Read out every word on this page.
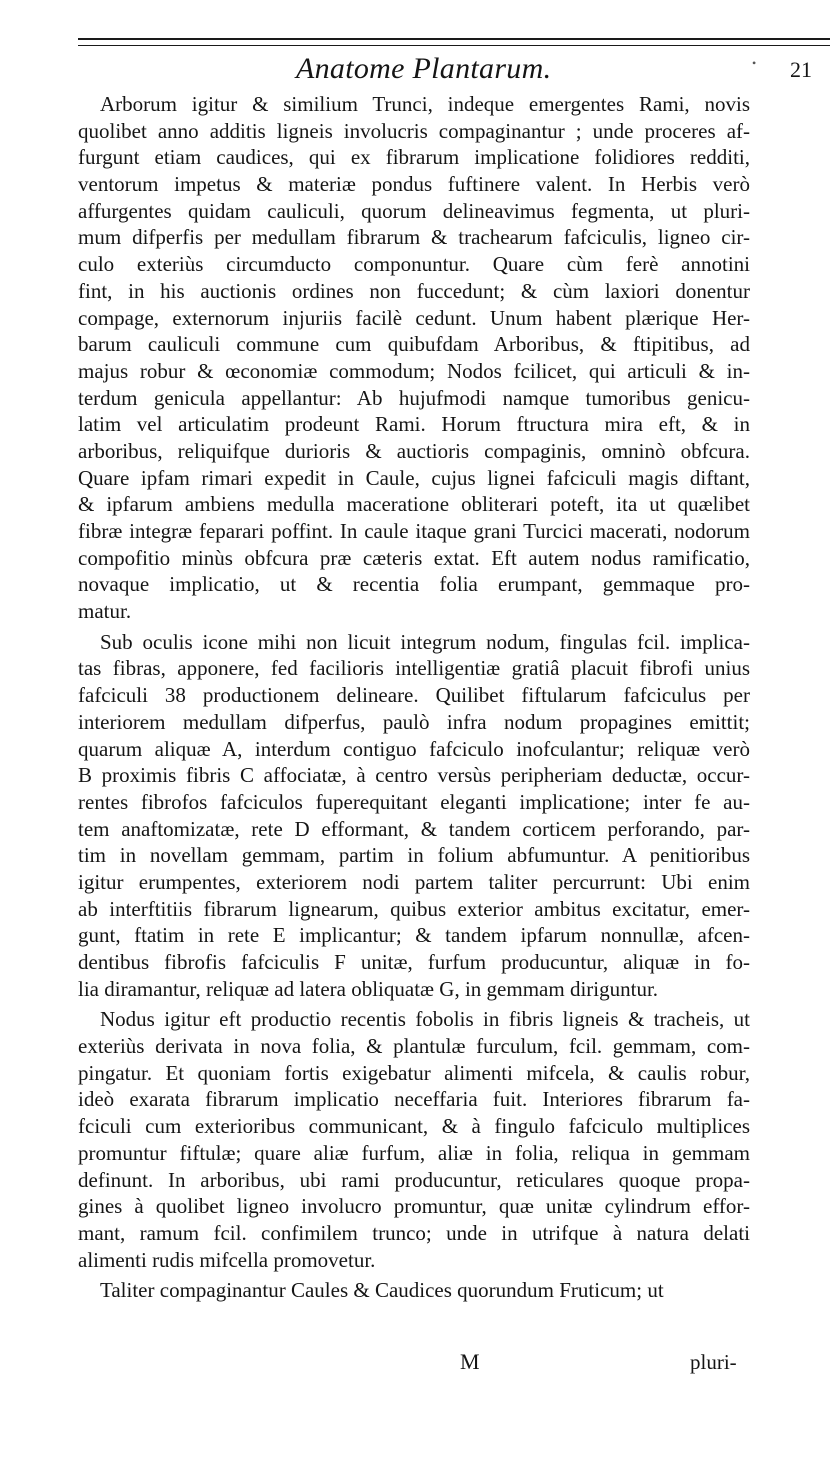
Anatome Plantarum.	• 21
Arborum igitur & similium Trunci, indeque emergentes Rami, novis
quolibet anno additis ligneis involucris compaginantur ; unde proceres af-
furgunt etiam caudices, qui ex fibrarum implicatione folidiores redditi,
ventorum impetus & materiæ pondus fuftinere valent. In Herbis verò
affurgentes quidam cauliculi, quorum delineavimus fegmenta, ut pluri-
mum difperfis per medullam fibrarum & trachearum fafciculis, ligneo cir-
culo exteriùs circumducto componuntur. Quare cùm ferè annotini
fint, in his auctionis ordines non fuccedunt; & cùm laxiori donentur
compage, externorum injuriis facilè cedunt. Unum habent plærique Her-
barum cauliculi commune cum quibufdam Arboribus, & ftipitibus, ad
majus robur & œconomiæ commodum; Nodos fcilicet, qui articuli & in-
terdum genicula appellantur: Ab hujufmodi namque tumoribus genicu-
latim vel articulatim prodeunt Rami. Horum ftructura mira eft, & in
arboribus, reliquifque durioris & auctioris compaginis, omninò obfcura.
Quare ipfam rimari expedit in Caule, cujus lignei fafciculi magis diftant,
& ipfarum ambiens medulla maceratione obliterari poteft, ita ut quælibet
fibræ integræ feparari poffint. In caule itaque grani Turcici macerati, nodorum
compofitio minùs obfcura præ cæteris extat. Eft autem nodus ramificatio,
novaque implicatio, ut & recentia folia erumpant, gemmaque pro-
matur.
Sub oculis icone mihi non licuit integrum nodum, fingulas fcil. implica-
tas fibras, apponere, fed facilioris intelligentiæ gratiâ placuit fibrofi unius
fafciculi 38 productionem delineare. Quilibet fiftularum fafciculus per
interiorem medullam difperfus, paulò infra nodum propagines emittit;
quarum aliquæ A, interdum contiguo fafciculo inofculantur; reliquæ verò
B proximis fibris C affociatæ, à centro versùs peripheriam deductæ, occur-
rentes fibrofos fafciculos fuperequitant eleganti implicatione; inter fe au-
tem anaftomizatæ, rete D efformant, & tandem corticem perforando, par-
tim in novellam gemmam, partim in folium abfumuntur. A penitioribus
igitur erumpentes, exteriorem nodi partem taliter percurrunt: Ubi enim
ab interftitiis fibrarum lignearum, quibus exterior ambitus excitatur, emer-
gunt, ftatim in rete E implicantur; & tandem ipfarum nonnullæ, afcen-
dentibus fibrofis fafciculis F unitæ, furfum producuntur, aliquæ in fo-
lia diramantur, reliquæ ad latera obliquatæ G, in gemmam diriguntur.
Nodus igitur eft productio recentis fobolis in fibris ligneis & tracheis, ut
exteriùs derivata in nova folia, & plantulæ furculum, fcil. gemmam, com-
pingatur. Et quoniam fortis exigebatur alimenti mifcela, & caulis robur,
ideò exarata fibrarum implicatio neceffaria fuit. Interiores fibrarum fa-
fciculi cum exterioribus communicant, & à fingulo fafciculo multiplices
promuntur fiftulæ; quare aliæ furfum, aliæ in folia, reliqua in gemmam
definunt. In arboribus, ubi rami producuntur, reticulares quoque propa-
gines à quolibet ligneo involucro promuntur, quæ unitæ cylindrum effor-
mant, ramum fcil. confimilem trunco; unde in utrifque à natura delati
alimenti rudis mifcella promovetur.
Taliter compaginantur Caules & Caudices quorundum Fruticum; ut
M	pluri-
